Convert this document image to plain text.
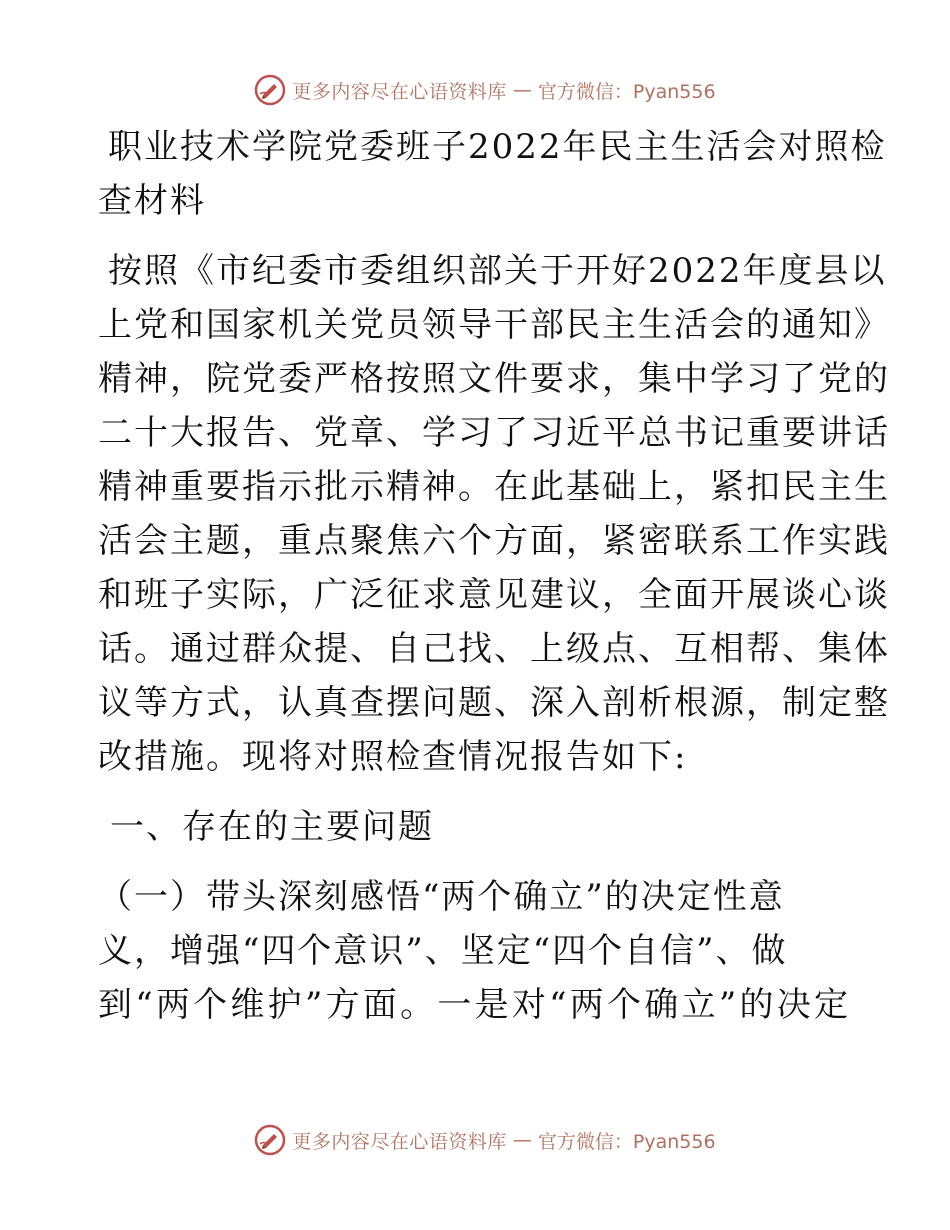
更多内容尽在心语资料库 — 官方微信：Pyan556
职业技术学院党委班子2022年民主生活会对照检
查材料
按照《市纪委市委组织部关于开好2022年度县以
上党和国家机关党员领导干部民主生活会的通知》
精神，院党委严格按照文件要求，集中学习了党的
二十大报告、党章、学习了习近平总书记重要讲话
精神重要指示批示精神。在此基础上，紧扣民主生
活会主题，重点聚焦六个方面，紧密联系工作实践
和班子实际，广泛征求意见建议，全面开展谈心谈
话。通过群众提、自己找、上级点、互相帮、集体
议等方式，认真查摆问题、深入剖析根源，制定整
改措施。现将对照检查情况报告如下:
一、存在的主要问题
（一）带头深刻感悟“两个确立”的决定性意
义，增强“四个意识”、坚定“四个自信”、做
到“两个维护”方面。一是对“两个确立”的决定
更多内容尽在心语资料库 — 官方微信：Pyan556
